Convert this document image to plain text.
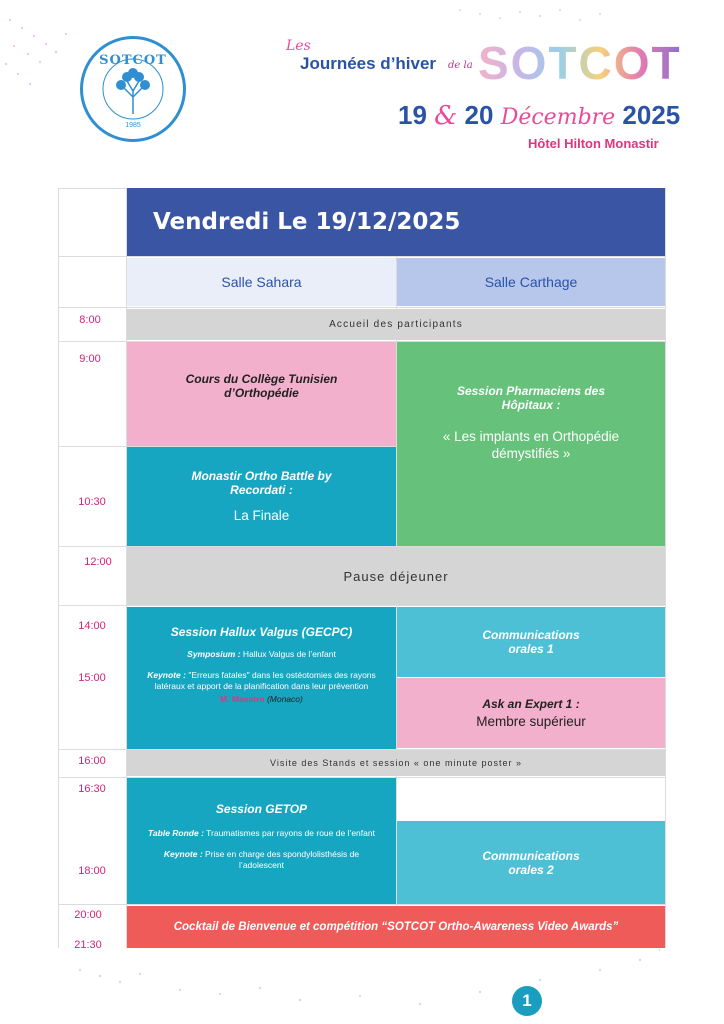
SOTCOT
1985
Les
Journées d’hiver de la SOTCOT
19 & 20 Décembre 2025
Hôtel Hilton Monastir
Vendredi Le 19/12/2025
Salle Sahara	Salle Carthage
8:00
9:00
10:30
12:00
14:00
15:00
16:00
16:30
18:00
20:00
21:30
Accueil des participants
Cours du Collège Tunisien d’Orthopédie	Session Pharmaciens des Hôpitaux :
« Les implants en Orthopédie démystifiés »
Monastir Ortho Battle by Recordati :
La Finale
Pause déjeuner
Session Hallux Valgus (GECPC)
Symposium : Hallux Valgus de l’enfant
Keynote : "Erreurs fatales" dans les ostéotomies des rayons latéraux et apport de la planification dans leur prévention
M. Maestro (Monaco)
Communications orales 1
Ask an Expert 1 :
Membre supérieur
Visite des Stands et session « one minute poster »
Session GETOP
Table Ronde : Traumatismes par rayons de roue de l’enfant
Keynote : Prise en charge des spondylolisthésis de l’adolescent
Communications orales 2
Cocktail de Bienvenue et compétition “SOTCOT Ortho-Awareness Video Awards”
1
